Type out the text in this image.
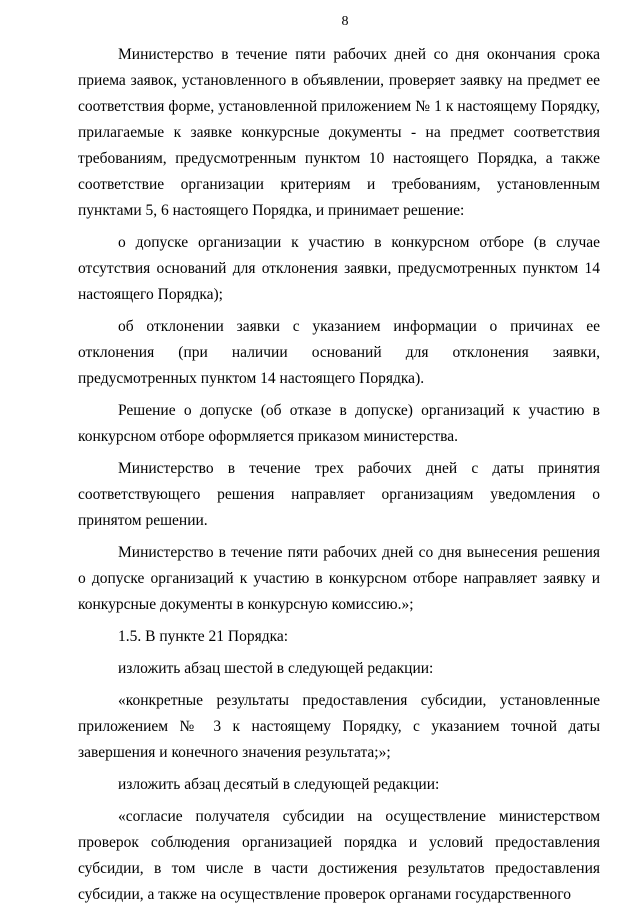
8

Министерство в течение пяти рабочих дней со дня окончания срока приема заявок, установленного в объявлении, проверяет заявку на предмет ее соответствия форме, установленной приложением № 1 к настоящему Порядку, прилагаемые к заявке конкурсные документы - на предмет соответствия требованиям, предусмотренным пунктом 10 настоящего Порядка, а также соответствие организации критериям и требованиям, установленным пунктами 5, 6 настоящего Порядка, и принимает решение:

о допуске организации к участию в конкурсном отборе (в случае отсутствия оснований для отклонения заявки, предусмотренных пунктом 14 настоящего Порядка);

об отклонении заявки с указанием информации о причинах ее отклонения (при наличии оснований для отклонения заявки, предусмотренных пунктом 14 настоящего Порядка).

Решение о допуске (об отказе в допуске) организаций к участию в конкурсном отборе оформляется приказом министерства.

Министерство в течение трех рабочих дней с даты принятия соответствующего решения направляет организациям уведомления о принятом решении.

Министерство в течение пяти рабочих дней со дня вынесения решения о допуске организаций к участию в конкурсном отборе направляет заявку и конкурсные документы в конкурсную комиссию.»;

1.5. В пункте 21 Порядка:

изложить абзац шестой в следующей редакции:

«конкретные результаты предоставления субсидии, установленные приложением № 3 к настоящему Порядку, с указанием точной даты завершения и конечного значения результата;»;

изложить абзац десятый в следующей редакции:

«согласие получателя субсидии на осуществление министерством проверок соблюдения организацией порядка и условий предоставления субсидии, в том числе в части достижения результатов предоставления субсидии, а также на осуществление проверок органами государственного
